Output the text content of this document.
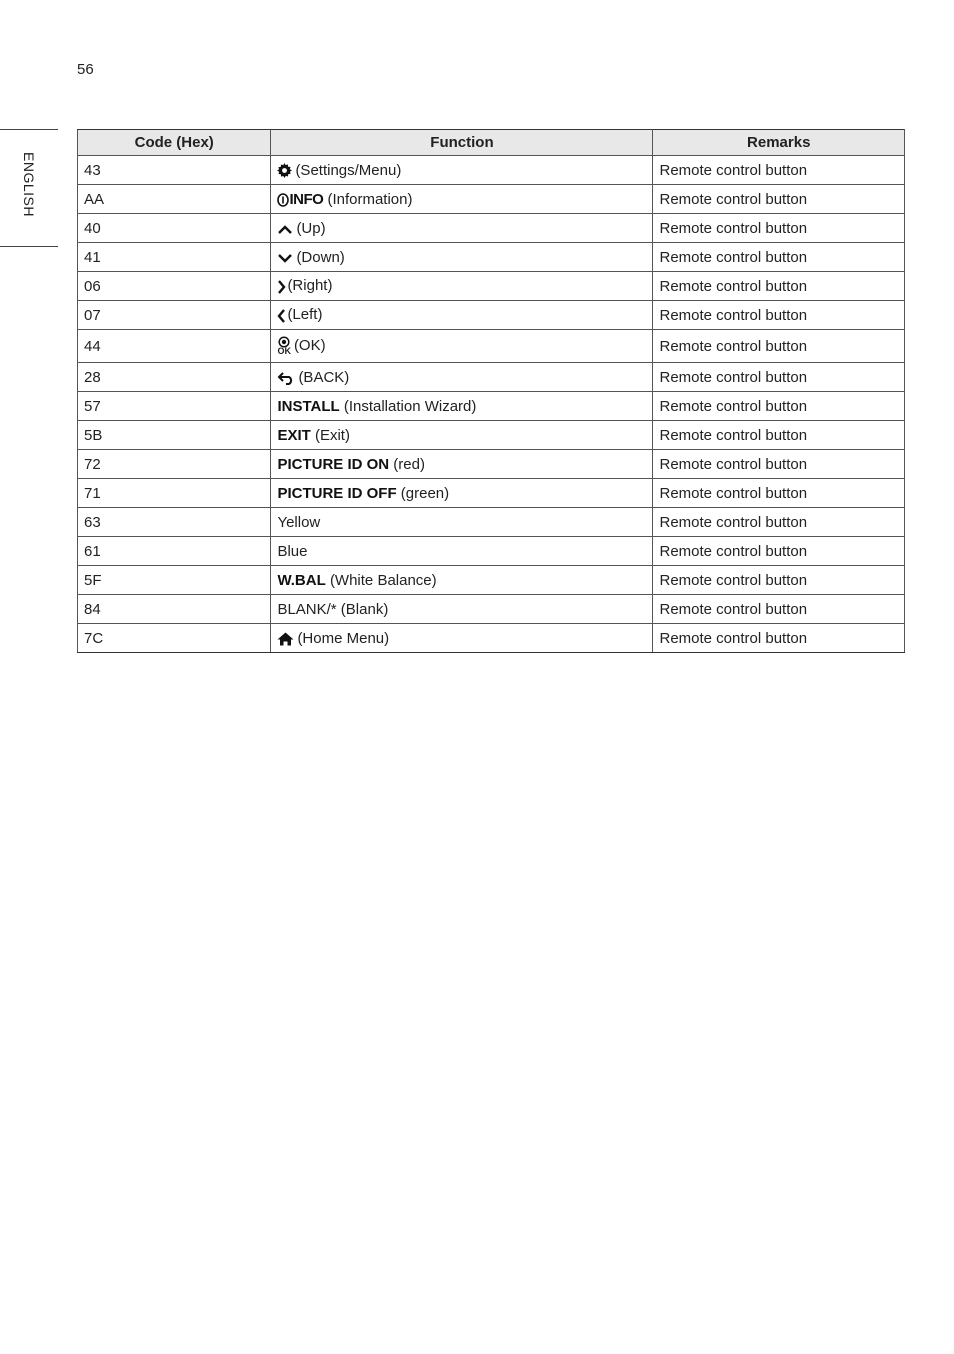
56
ENGLISH
Code (Hex)	Function	Remarks
43	(Settings/Menu)	Remote control button
AA	INFO (Information)	Remote control button
40	(Up)	Remote control button
41	(Down)	Remote control button
06	(Right)	Remote control button
07	(Left)	Remote control button
44	OK (OK)	Remote control button
28	(BACK)	Remote control button
57	INSTALL (Installation Wizard)	Remote control button
5B	EXIT (Exit)	Remote control button
72	PICTURE ID ON (red)	Remote control button
71	PICTURE ID OFF (green)	Remote control button
63	Yellow	Remote control button
61	Blue	Remote control button
5F	W.BAL (White Balance)	Remote control button
84	BLANK/* (Blank)	Remote control button
7C	(Home Menu)	Remote control button
